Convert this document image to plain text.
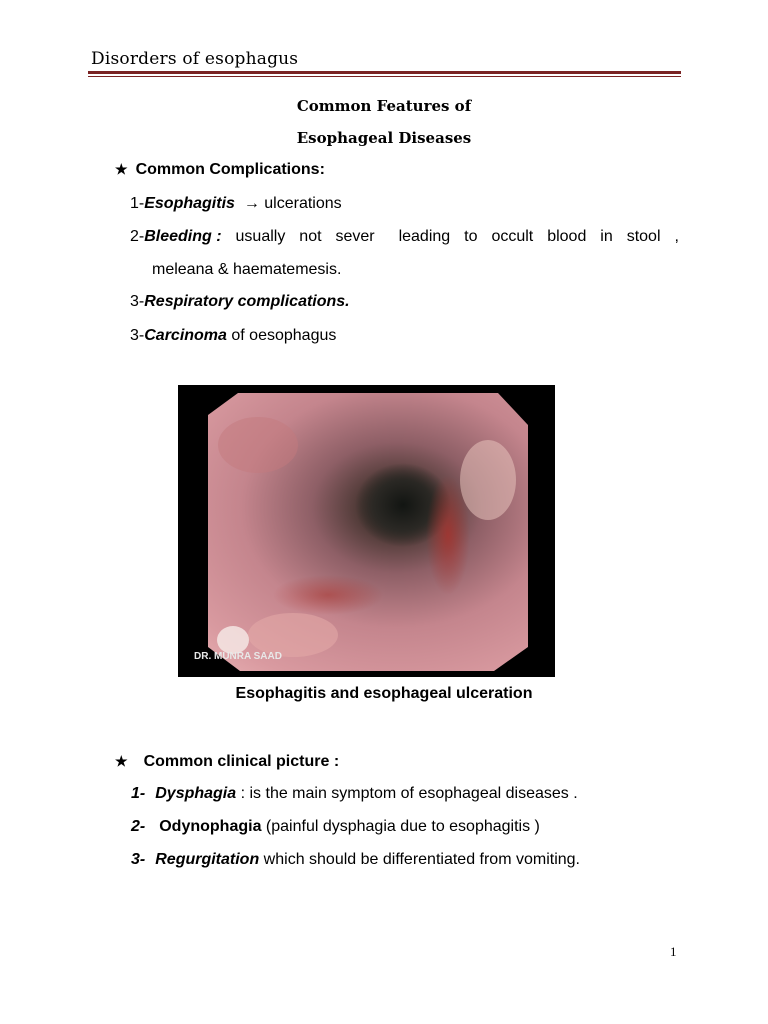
Disorders of esophagus
Common Features of
Esophageal Diseases
★ Common Complications:
1-Esophagitis  → ulcerations
2-Bleeding : usually not sever leading to occult blood in stool ,
meleana & haematemesis.
3-Respiratory complications.
3-Carcinoma of oesophagus
DR. MUNRA SAAD
Esophagitis and esophageal ulceration
★ Common clinical picture :
1- Dysphagia : is the main symptom of esophageal diseases .
2- Odynophagia (painful dysphagia due to esophagitis )
3- Regurgitation which should be differentiated from vomiting.
1
